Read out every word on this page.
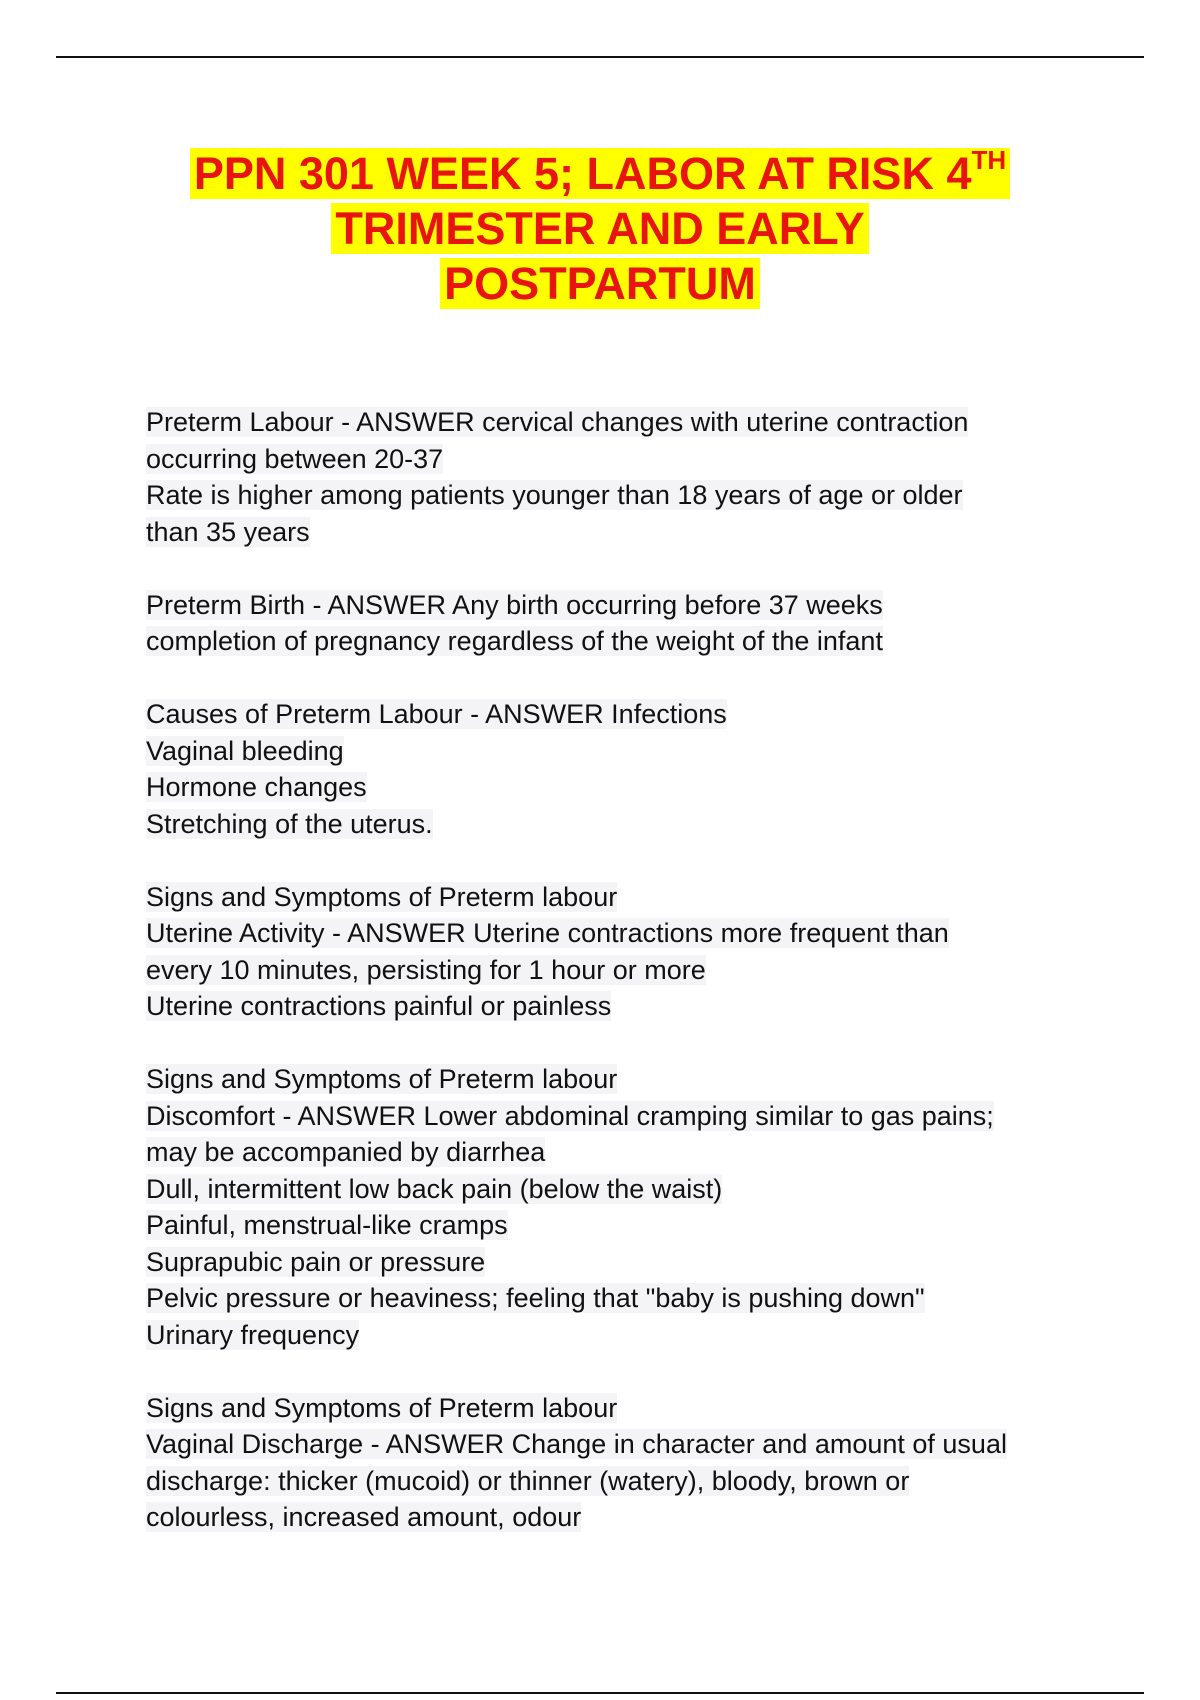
PPN 301 WEEK 5; LABOR AT RISK 4TH
TRIMESTER AND EARLY
POSTPARTUM
Preterm Labour - ANSWER cervical changes with uterine contraction
occurring between 20-37
Rate is higher among patients younger than 18 years of age or older
than 35 years
Preterm Birth - ANSWER Any birth occurring before 37 weeks
completion of pregnancy regardless of the weight of the infant
Causes of Preterm Labour - ANSWER Infections
Vaginal bleeding
Hormone changes
Stretching of the uterus.
Signs and Symptoms of Preterm labour
Uterine Activity - ANSWER Uterine contractions more frequent than
every 10 minutes, persisting for 1 hour or more
Uterine contractions painful or painless
Signs and Symptoms of Preterm labour
Discomfort - ANSWER Lower abdominal cramping similar to gas pains;
may be accompanied by diarrhea
Dull, intermittent low back pain (below the waist)
Painful, menstrual-like cramps
Suprapubic pain or pressure
Pelvic pressure or heaviness; feeling that "baby is pushing down"
Urinary frequency
Signs and Symptoms of Preterm labour
Vaginal Discharge - ANSWER Change in character and amount of usual
discharge: thicker (mucoid) or thinner (watery), bloody, brown or
colourless, increased amount, odour
